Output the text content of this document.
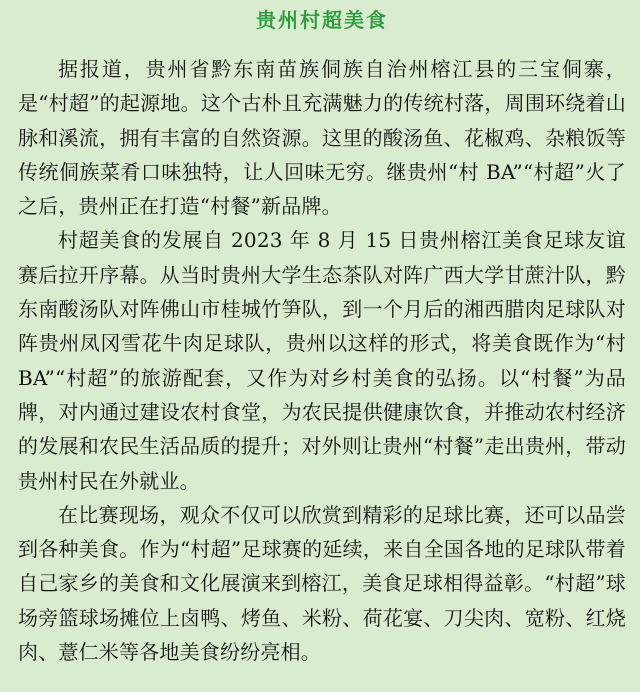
贵州村超美食

据报道，贵州省黔东南苗族侗族自治州榕江县的三宝侗寨，是“村超”的起源地。这个古朴且充满魅力的传统村落，周围环绕着山脉和溪流，拥有丰富的自然资源。这里的酸汤鱼、花椒鸡、杂粮饭等传统侗族菜肴口味独特，让人回味无穷。继贵州“村 BA”“村超”火了之后，贵州正在打造“村餐”新品牌。

村超美食的发展自 2023 年 8 月 15 日贵州榕江美食足球友谊赛后拉开序幕。从当时贵州大学生态茶队对阵广西大学甘蔗汁队，黔东南酸汤队对阵佛山市桂城竹笋队，到一个月后的湘西腊肉足球队对阵贵州凤冈雪花牛肉足球队，贵州以这样的形式，将美食既作为“村 BA”“村超”的旅游配套，又作为对乡村美食的弘扬。以“村餐”为品牌，对内通过建设农村食堂，为农民提供健康饮食，并推动农村经济的发展和农民生活品质的提升；对外则让贵州“村餐”走出贵州，带动贵州村民在外就业。

在比赛现场，观众不仅可以欣赏到精彩的足球比赛，还可以品尝到各种美食。作为“村超”足球赛的延续，来自全国各地的足球队带着自己家乡的美食和文化展演来到榕江，美食足球相得益彰。“村超”球场旁篮球场摊位上卤鸭、烤鱼、米粉、荷花宴、刀尖肉、宽粉、红烧肉、薏仁米等各地美食纷纷亮相。
